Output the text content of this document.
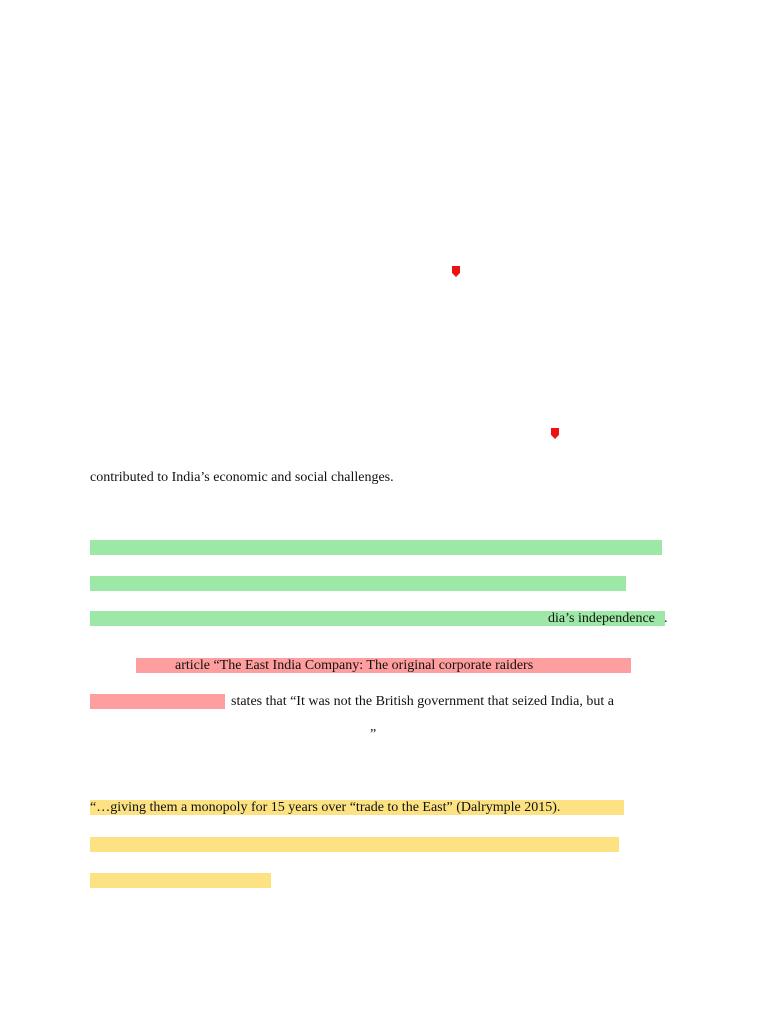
contributed to India’s economic and social challenges.
dia’s independence .
article “The East India Company: The original corporate raiders
states that “It was not the British government that seized India, but a
”
“…giving them a monopoly for 15 years over “trade to the East” (Dalrymple 2015).
